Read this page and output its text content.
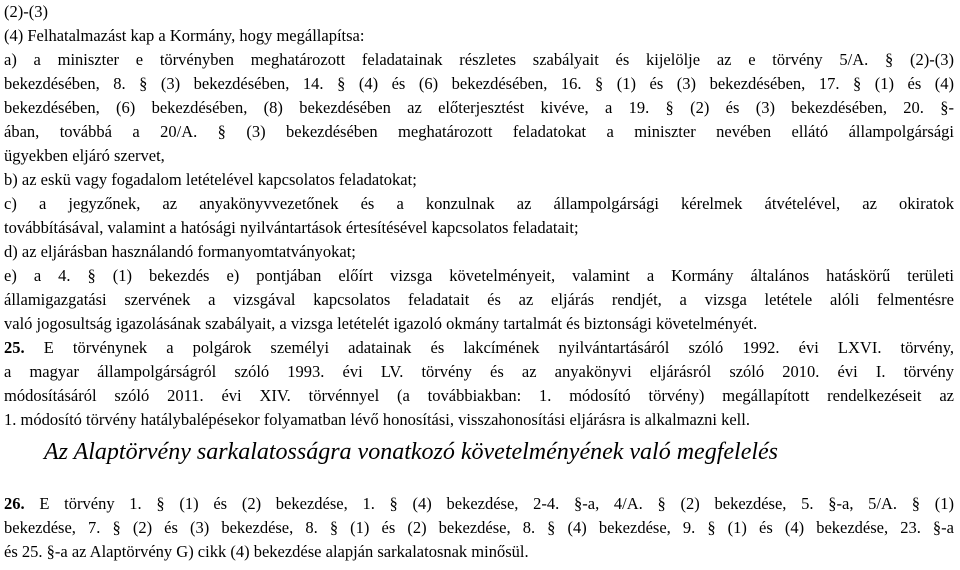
(2)-(3)
(4) Felhatalmazást kap a Kormány, hogy megállapítsa:
a) a miniszter e törvényben meghatározott feladatainak részletes szabályait és kijelölje az e törvény 5/A. § (2)-(3)
bekezdésében, 8. § (3) bekezdésében, 14. § (4) és (6) bekezdésében, 16. § (1) és (3) bekezdésében, 17. § (1) és (4)
bekezdésében, (6) bekezdésében, (8) bekezdésében az előterjesztést kivéve, a 19. § (2) és (3) bekezdésében, 20. §-
ában, továbbá a 20/A. § (3) bekezdésében meghatározott feladatokat a miniszter nevében ellátó állampolgársági
ügyekben eljáró szervet,
b) az eskü vagy fogadalom letételével kapcsolatos feladatokat;
c) a jegyzőnek, az anyakönyvvezetőnek és a konzulnak az állampolgársági kérelmek átvételével, az okiratok
továbbításával, valamint a hatósági nyilvántartások értesítésével kapcsolatos feladatait;
d) az eljárásban használandó formanyomtatványokat;
e) a 4. § (1) bekezdés e) pontjában előírt vizsga követelményeit, valamint a Kormány általános hatáskörű területi
államigazgatási szervének a vizsgával kapcsolatos feladatait és az eljárás rendjét, a vizsga letétele alóli felmentésre
való jogosultság igazolásának szabályait, a vizsga letételét igazoló okmány tartalmát és biztonsági követelményét.
25. E törvénynek a polgárok személyi adatainak és lakcímének nyilvántartásáról szóló 1992. évi LXVI. törvény,
a magyar állampolgárságról szóló 1993. évi LV. törvény és az anyakönyvi eljárásról szóló 2010. évi I. törvény
módosításáról szóló 2011. évi XIV. törvénnyel (a továbbiakban: 1. módosító törvény) megállapított rendelkezéseit az
1. módosító törvény hatálybalépésekor folyamatban lévő honosítási, visszahonosítási eljárásra is alkalmazni kell.
Az Alaptörvény sarkalatosságra vonatkozó követelményének való megfelelés
26. E törvény 1. § (1) és (2) bekezdése, 1. § (4) bekezdése, 2-4. §-a, 4/A. § (2) bekezdése, 5. §-a, 5/A. § (1)
bekezdése, 7. § (2) és (3) bekezdése, 8. § (1) és (2) bekezdése, 8. § (4) bekezdése, 9. § (1) és (4) bekezdése, 23. §-a
és 25. §-a az Alaptörvény G) cikk (4) bekezdése alapján sarkalatosnak minősül.
